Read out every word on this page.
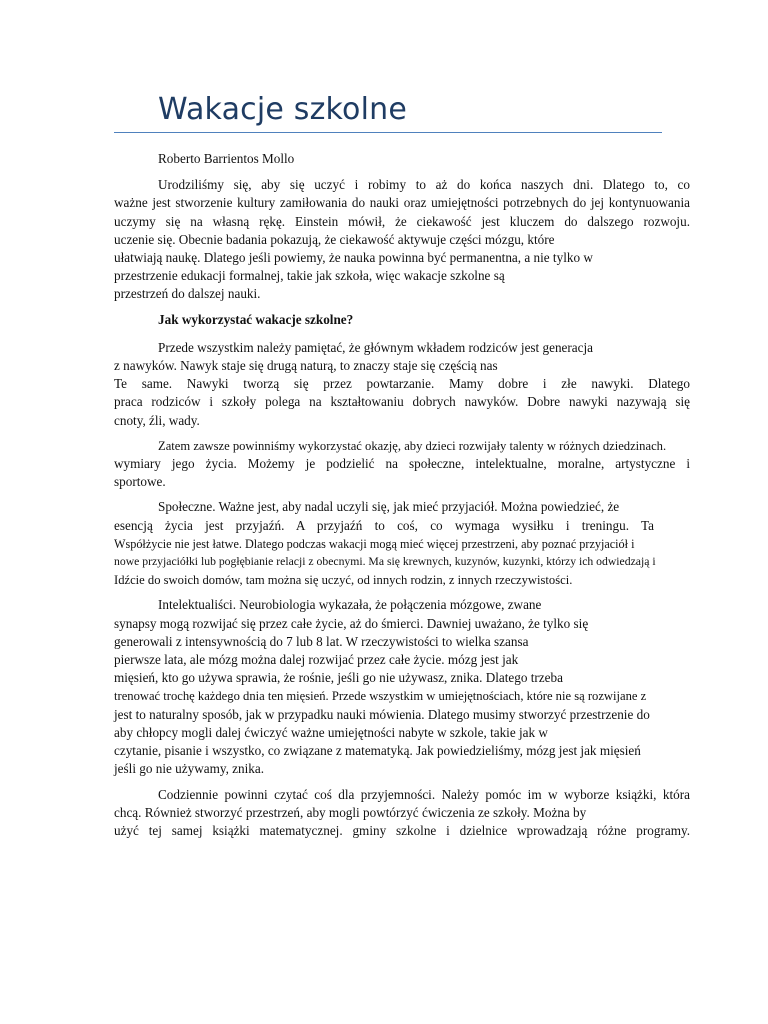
Wakacje szkolne

Roberto Barrientos Mollo

Urodziliśmy się, aby się uczyć i robimy to aż do końca naszych dni. Dlatego to, co
ważne jest stworzenie kultury zamiłowania do nauki oraz umiejętności potrzebnych do jej kontynuowania
uczymy się na własną rękę. Einstein mówił, że ciekawość jest kluczem do dalszego rozwoju.
uczenie się. Obecnie badania pokazują, że ciekawość aktywuje części mózgu, które
ułatwiają naukę. Dlatego jeśli powiemy, że nauka powinna być permanentna, a nie tylko w
przestrzenie edukacji formalnej, takie jak szkoła, więc wakacje szkolne są
przestrzeń do dalszej nauki.

Jak wykorzystać wakacje szkolne?

Przede wszystkim należy pamiętać, że głównym wkładem rodziców jest generacja
z nawyków. Nawyk staje się drugą naturą, to znaczy staje się częścią nas
Te same. Nawyki tworzą się przez powtarzanie. Mamy dobre i złe nawyki. Dlatego
praca rodziców i szkoły polega na kształtowaniu dobrych nawyków. Dobre nawyki nazywają się
cnoty, źli, wady.
Zatem zawsze powinniśmy wykorzystać okazję, aby dzieci rozwijały talenty w różnych dziedzinach.
wymiary jego życia. Możemy je podzielić na społeczne, intelektualne, moralne, artystyczne i
sportowe.
Społeczne. Ważne jest, aby nadal uczyli się, jak mieć przyjaciół. Można powiedzieć, że
esencją życia jest przyjaźń. A przyjaźń to coś, co wymaga wysiłku i treningu. Ta
Współżycie nie jest łatwe. Dlatego podczas wakacji mogą mieć więcej przestrzeni, aby poznać przyjaciół i
nowe przyjaciółki lub pogłębianie relacji z obecnymi. Ma się krewnych, kuzynów, kuzynki, którzy ich odwiedzają i
Idźcie do swoich domów, tam można się uczyć, od innych rodzin, z innych rzeczywistości.
Intelektualiści. Neurobiologia wykazała, że połączenia mózgowe, zwane
synapsy mogą rozwijać się przez całe życie, aż do śmierci. Dawniej uważano, że tylko się
generowali z intensywnością do 7 lub 8 lat. W rzeczywistości to wielka szansa
pierwsze lata, ale mózg można dalej rozwijać przez całe życie. mózg jest jak
mięsień, kto go używa sprawia, że rośnie, jeśli go nie używasz, znika. Dlatego trzeba
trenować trochę każdego dnia ten mięsień. Przede wszystkim w umiejętnościach, które nie są rozwijane z
jest to naturalny sposób, jak w przypadku nauki mówienia. Dlatego musimy stworzyć przestrzenie do
aby chłopcy mogli dalej ćwiczyć ważne umiejętności nabyte w szkole, takie jak w
czytanie, pisanie i wszystko, co związane z matematyką. Jak powiedzieliśmy, mózg jest jak mięsień
jeśli go nie używamy, znika.
Codziennie powinni czytać coś dla przyjemności. Należy pomóc im w wyborze książki, która
chcą. Również stworzyć przestrzeń, aby mogli powtórzyć ćwiczenia ze szkoły. Można by
użyć tej samej książki matematycznej. gminy szkolne i dzielnice wprowadzają różne programy.
